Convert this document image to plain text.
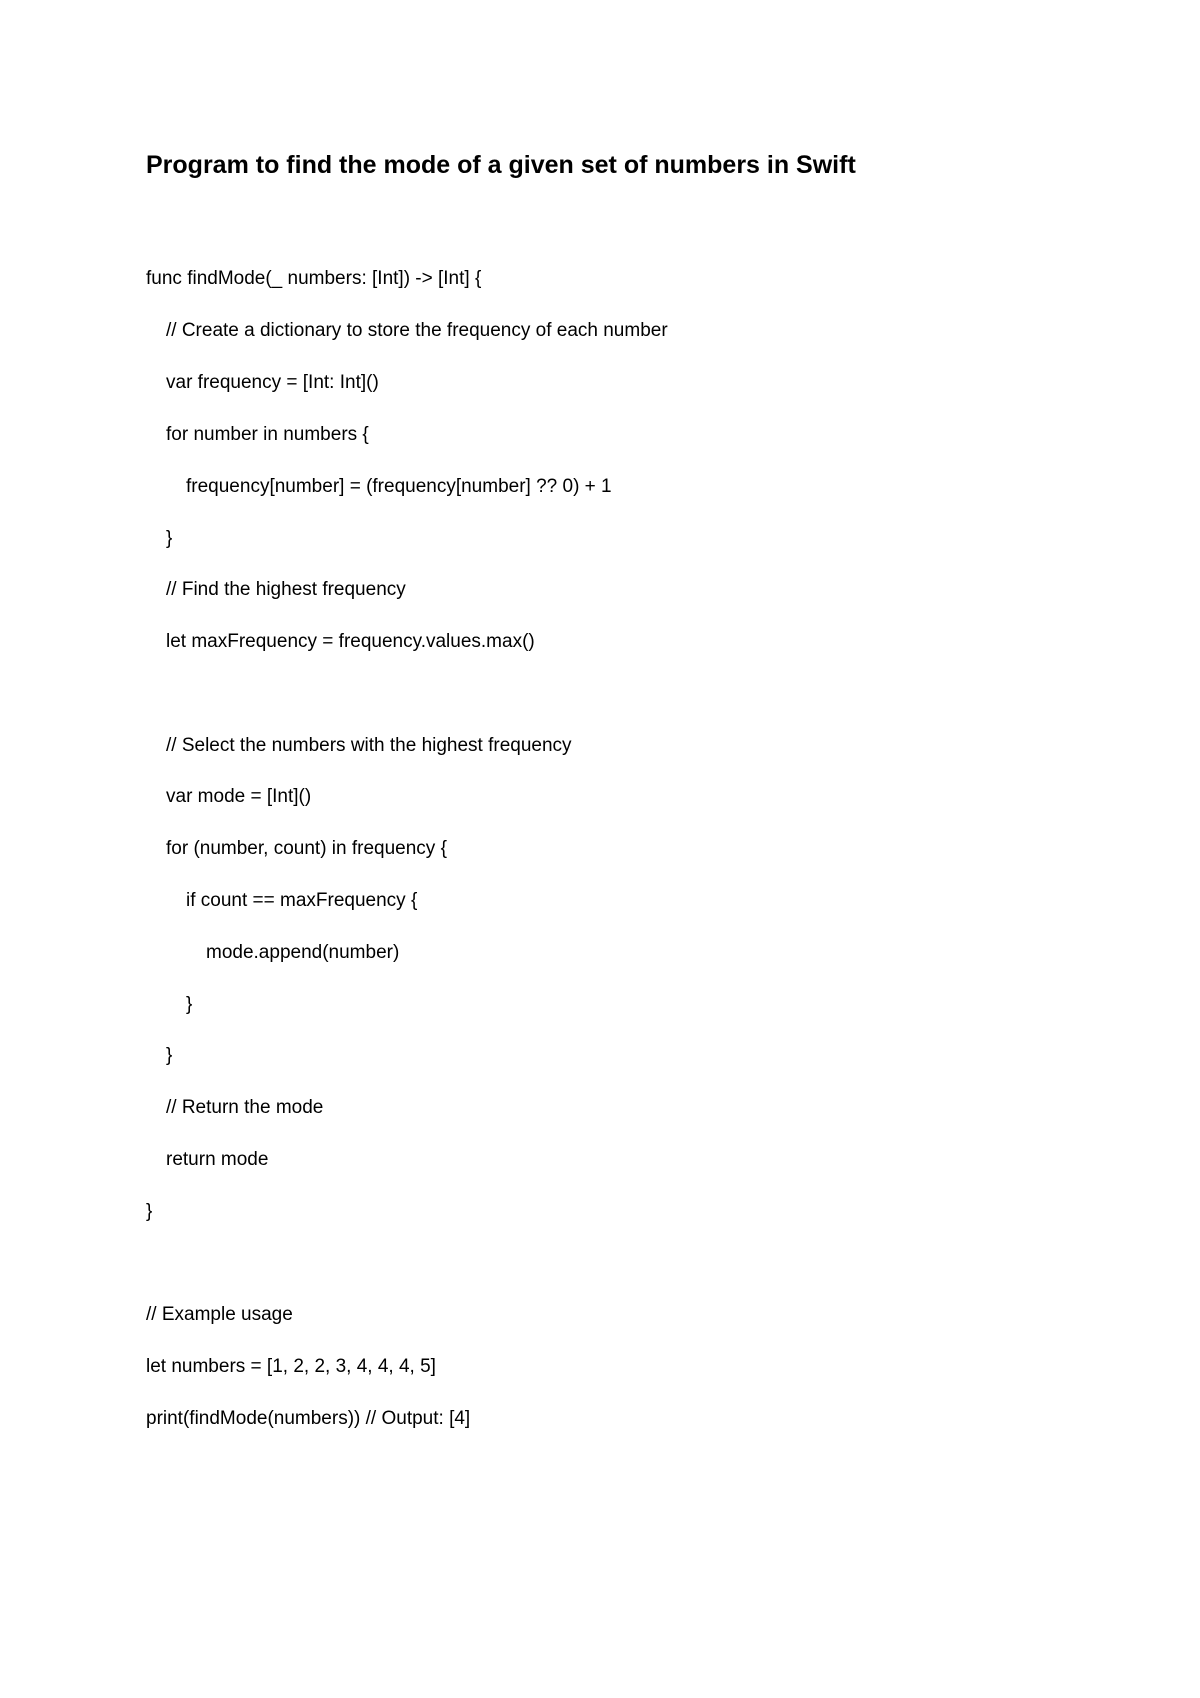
Program to find the mode of a given set of numbers in Swift

func findMode(_ numbers: [Int]) -> [Int] {

// Create a dictionary to store the frequency of each number

var frequency = [Int: Int]()

for number in numbers {

frequency[number] = (frequency[number] ?? 0) + 1

}

// Find the highest frequency

let maxFrequency = frequency.values.max()

// Select the numbers with the highest frequency

var mode = [Int]()

for (number, count) in frequency {

if count == maxFrequency {

mode.append(number)

}

}

// Return the mode

return mode

}

// Example usage

let numbers = [1, 2, 2, 3, 4, 4, 4, 5]

print(findMode(numbers)) // Output: [4]
